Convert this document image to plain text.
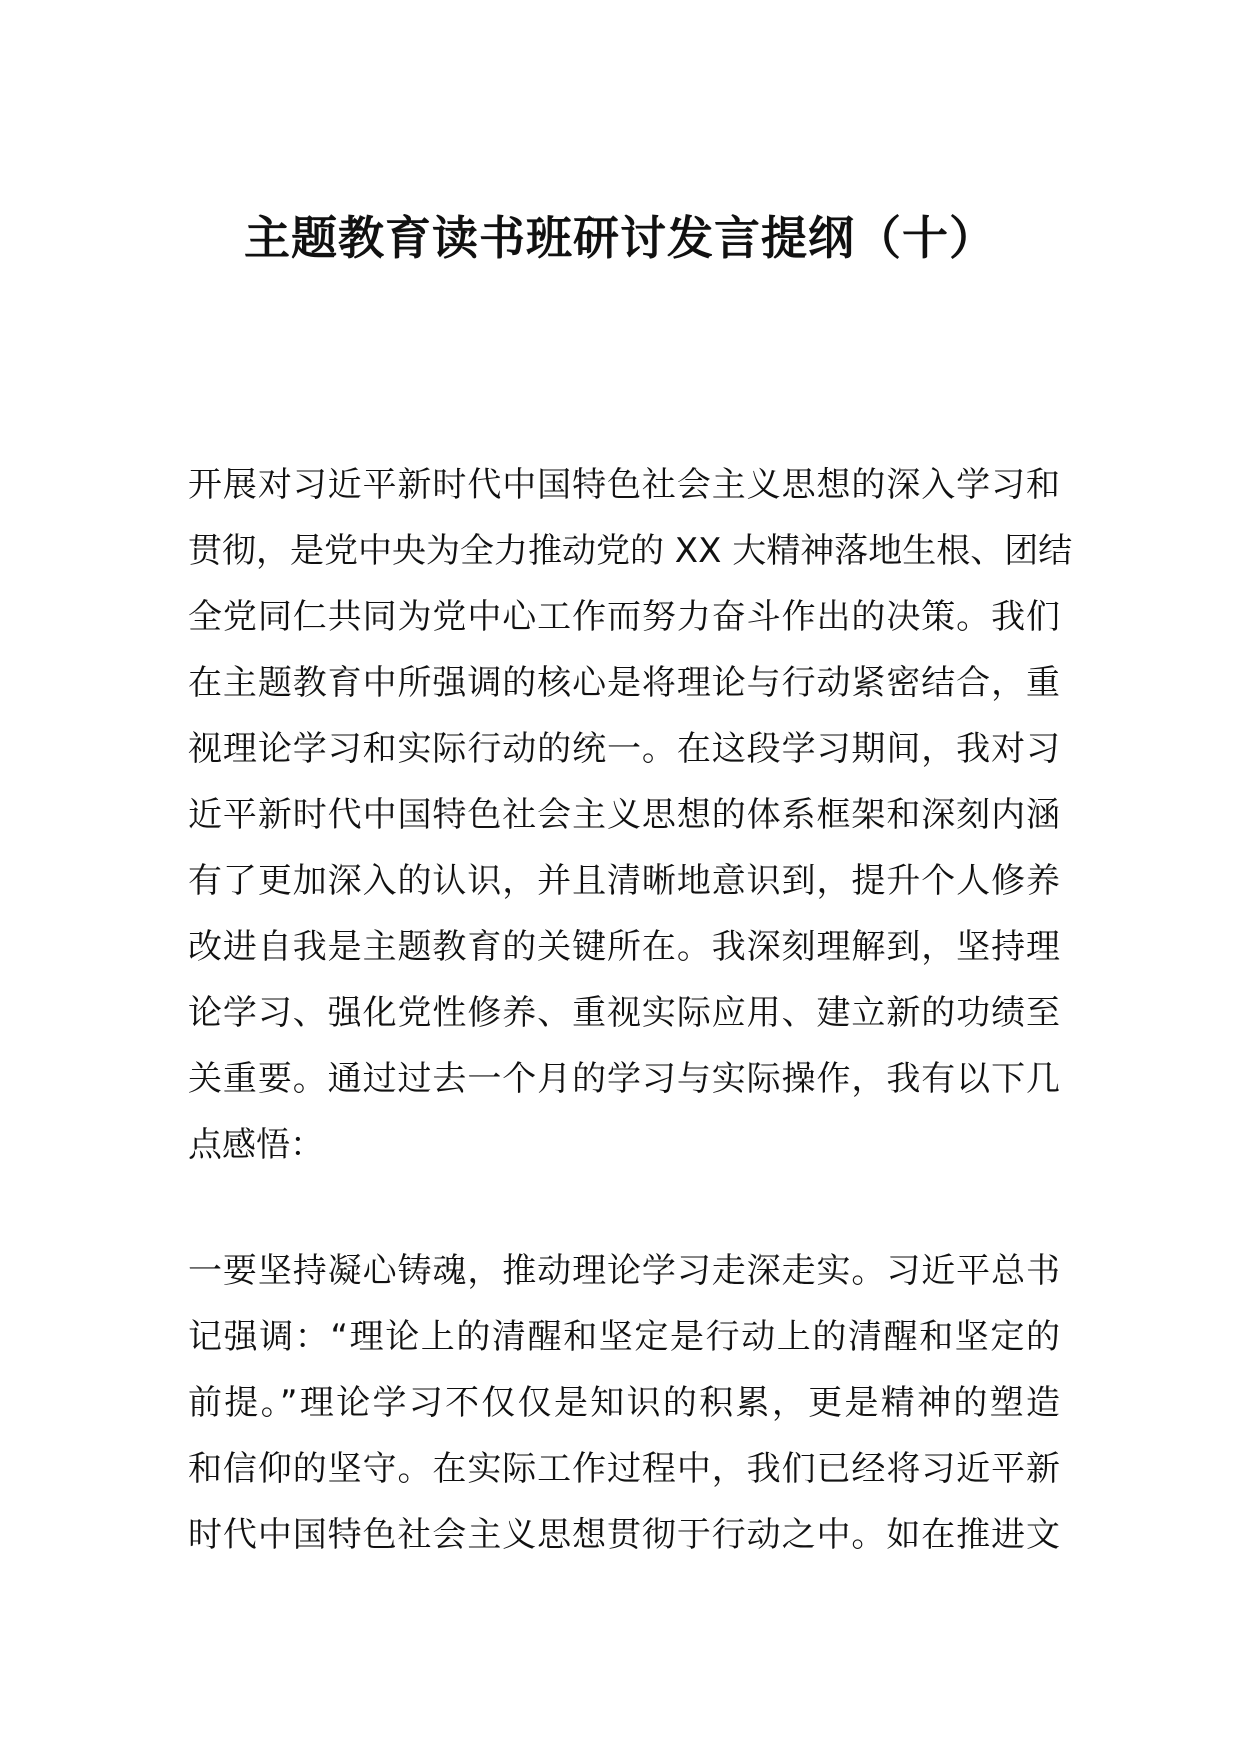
主题教育读书班研讨发言提纲（十）
开展对习近平新时代中国特色社会主义思想的深入学习和
贯彻，是党中央为全力推动党的 XX 大精神落地生根、团结
全党同仁共同为党中心工作而努力奋斗作出的决策。我们
在主题教育中所强调的核心是将理论与行动紧密结合，重
视理论学习和实际行动的统一。在这段学习期间，我对习
近平新时代中国特色社会主义思想的体系框架和深刻内涵
有了更加深入的认识，并且清晰地意识到，提升个人修养
改进自我是主题教育的关键所在。我深刻理解到，坚持理
论学习、强化党性修养、重视实际应用、建立新的功绩至
关重要。通过过去一个月的学习与实际操作，我有以下几
点感悟：
一要坚持凝心铸魂，推动理论学习走深走实。习近平总书
记强调：“理论上的清醒和坚定是行动上的清醒和坚定的
前提。”理论学习不仅仅是知识的积累，更是精神的塑造
和信仰的坚守。在实际工作过程中，我们已经将习近平新
时代中国特色社会主义思想贯彻于行动之中。如在推进文
